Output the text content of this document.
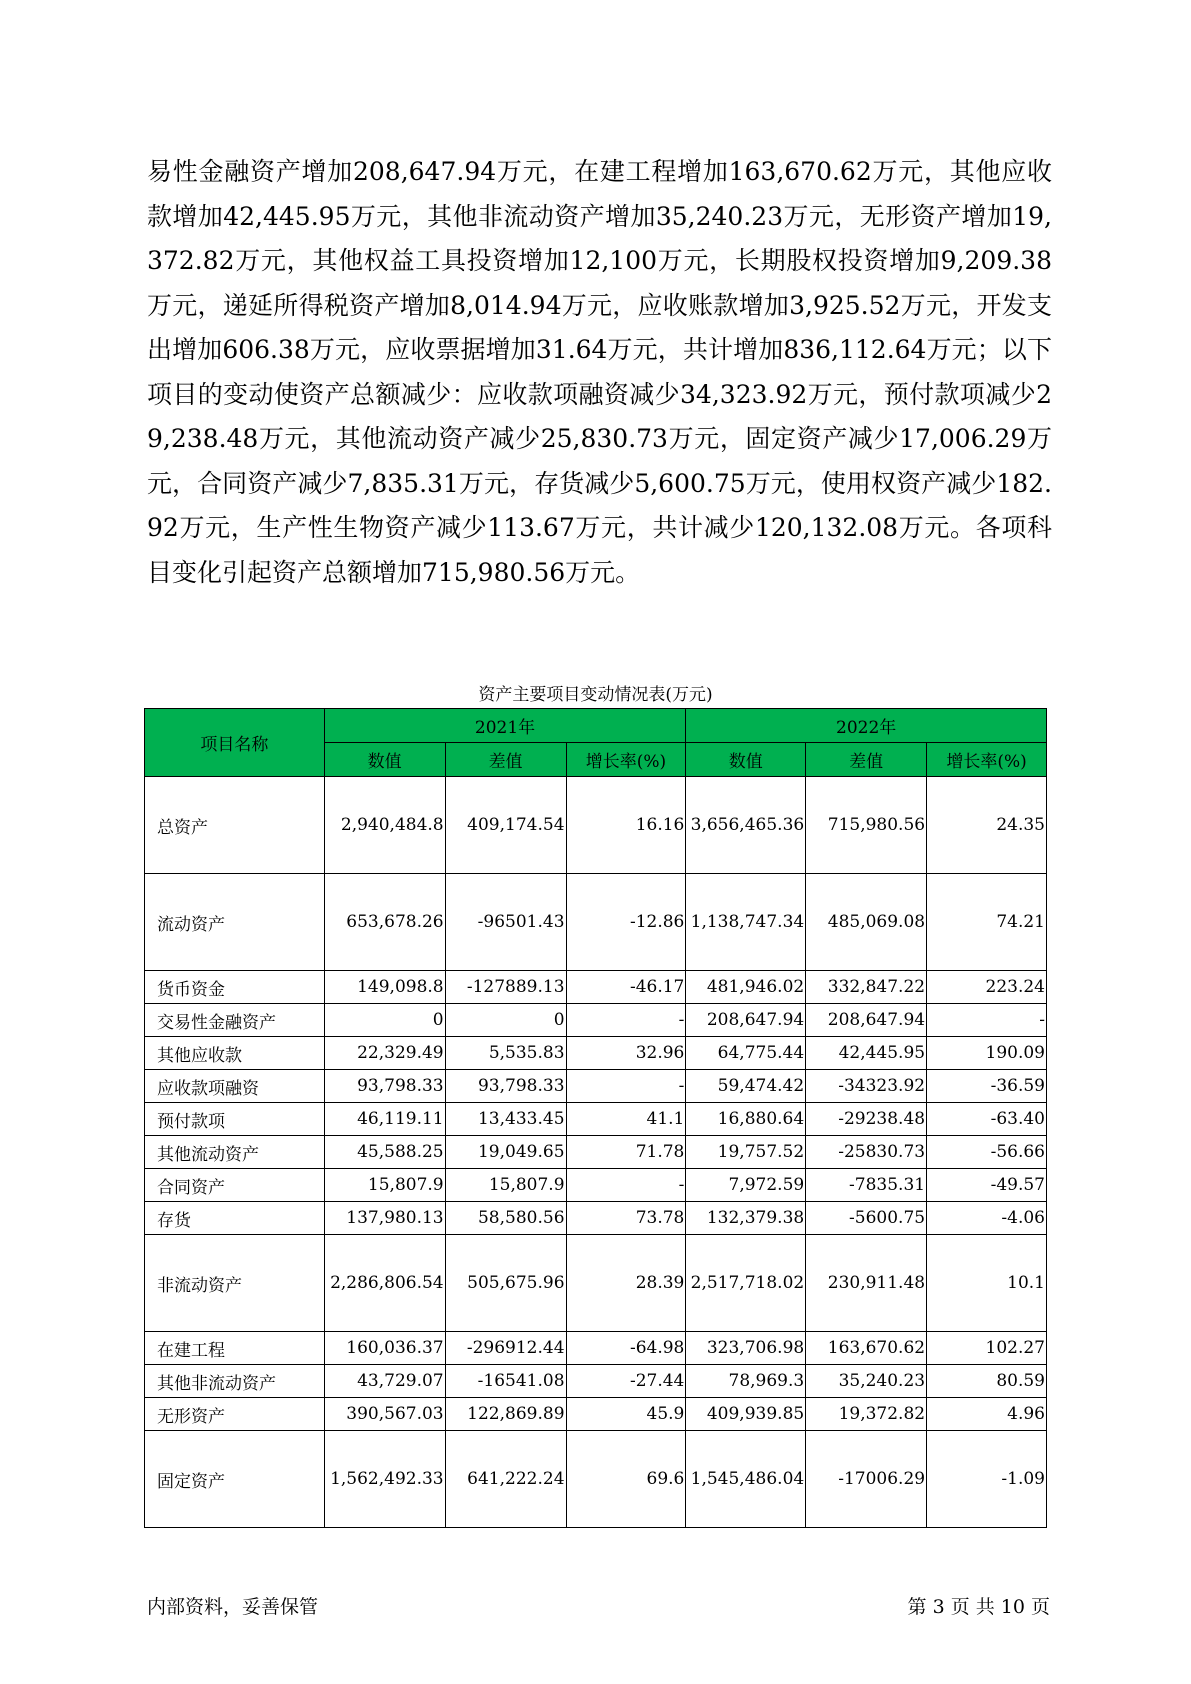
易性金融资产增加208,647.94万元，在建工程增加163,670.62万元，其他应收款增加42,445.95万元，其他非流动资产增加35,240.23万元，无形资产增加19,372.82万元，其他权益工具投资增加12,100万元，长期股权投资增加9,209.38万元，递延所得税资产增加8,014.94万元，应收账款增加3,925.52万元，开发支出增加606.38万元，应收票据增加31.64万元，共计增加836,112.64万元；以下项目的变动使资产总额减少：应收款项融资减少34,323.92万元，预付款项减少29,238.48万元，其他流动资产减少25,830.73万元，固定资产减少17,006.29万元，合同资产减少7,835.31万元，存货减少5,600.75万元，使用权资产减少182.92万元，生产性生物资产减少113.67万元，共计减少120,132.08万元。各项科目变化引起资产总额增加715,980.56万元。

资产主要项目变动情况表(万元)

项目名称	2021年			2022年		
	数值	差值	增长率(%)	数值	差值	增长率(%)
总资产	2,940,484.8	409,174.54	16.16	3,656,465.36	715,980.56	24.35
流动资产	653,678.26	-96501.43	-12.86	1,138,747.34	485,069.08	74.21
货币资金	149,098.8	-127889.13	-46.17	481,946.02	332,847.22	223.24
交易性金融资产	0	0	-	208,647.94	208,647.94	-
其他应收款	22,329.49	5,535.83	32.96	64,775.44	42,445.95	190.09
应收款项融资	93,798.33	93,798.33	-	59,474.42	-34323.92	-36.59
预付款项	46,119.11	13,433.45	41.1	16,880.64	-29238.48	-63.40
其他流动资产	45,588.25	19,049.65	71.78	19,757.52	-25830.73	-56.66
合同资产	15,807.9	15,807.9	-	7,972.59	-7835.31	-49.57
存货	137,980.13	58,580.56	73.78	132,379.38	-5600.75	-4.06
非流动资产	2,286,806.54	505,675.96	28.39	2,517,718.02	230,911.48	10.1
在建工程	160,036.37	-296912.44	-64.98	323,706.98	163,670.62	102.27
其他非流动资产	43,729.07	-16541.08	-27.44	78,969.3	35,240.23	80.59
无形资产	390,567.03	122,869.89	45.9	409,939.85	19,372.82	4.96
固定资产	1,562,492.33	641,222.24	69.6	1,545,486.04	-17006.29	-1.09
内部资料，妥善保管	第 3 页 共 10 页
